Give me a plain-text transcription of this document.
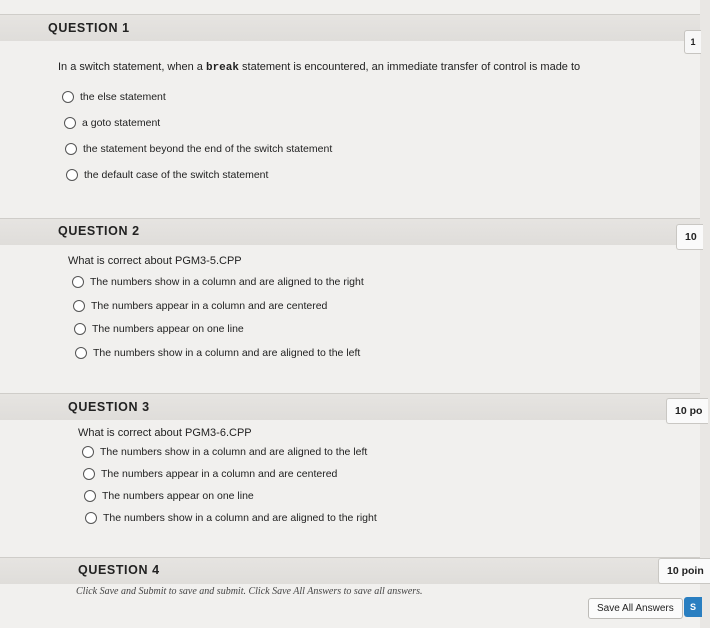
QUESTION 1
1
In a switch statement, when a break statement is encountered, an immediate transfer of control is made to
the else statement
a goto statement
the statement beyond the end of the switch statement
the default case of the switch statement
QUESTION 2	10
What is correct about PGM3-5.CPP
The numbers show in a column and are aligned to the right
The numbers appear in a column and are centered
The numbers appear on one line
The numbers show in a column and are aligned to the left
QUESTION 3	10 po
What is correct about PGM3-6.CPP
The numbers show in a column and are aligned to the left
The numbers appear in a column and are centered
The numbers appear on one line
The numbers show in a column and are aligned to the right
QUESTION 4	10 poin
Click Save and Submit to save and submit. Click Save All Answers to save all answers.
Save All Answers	S
